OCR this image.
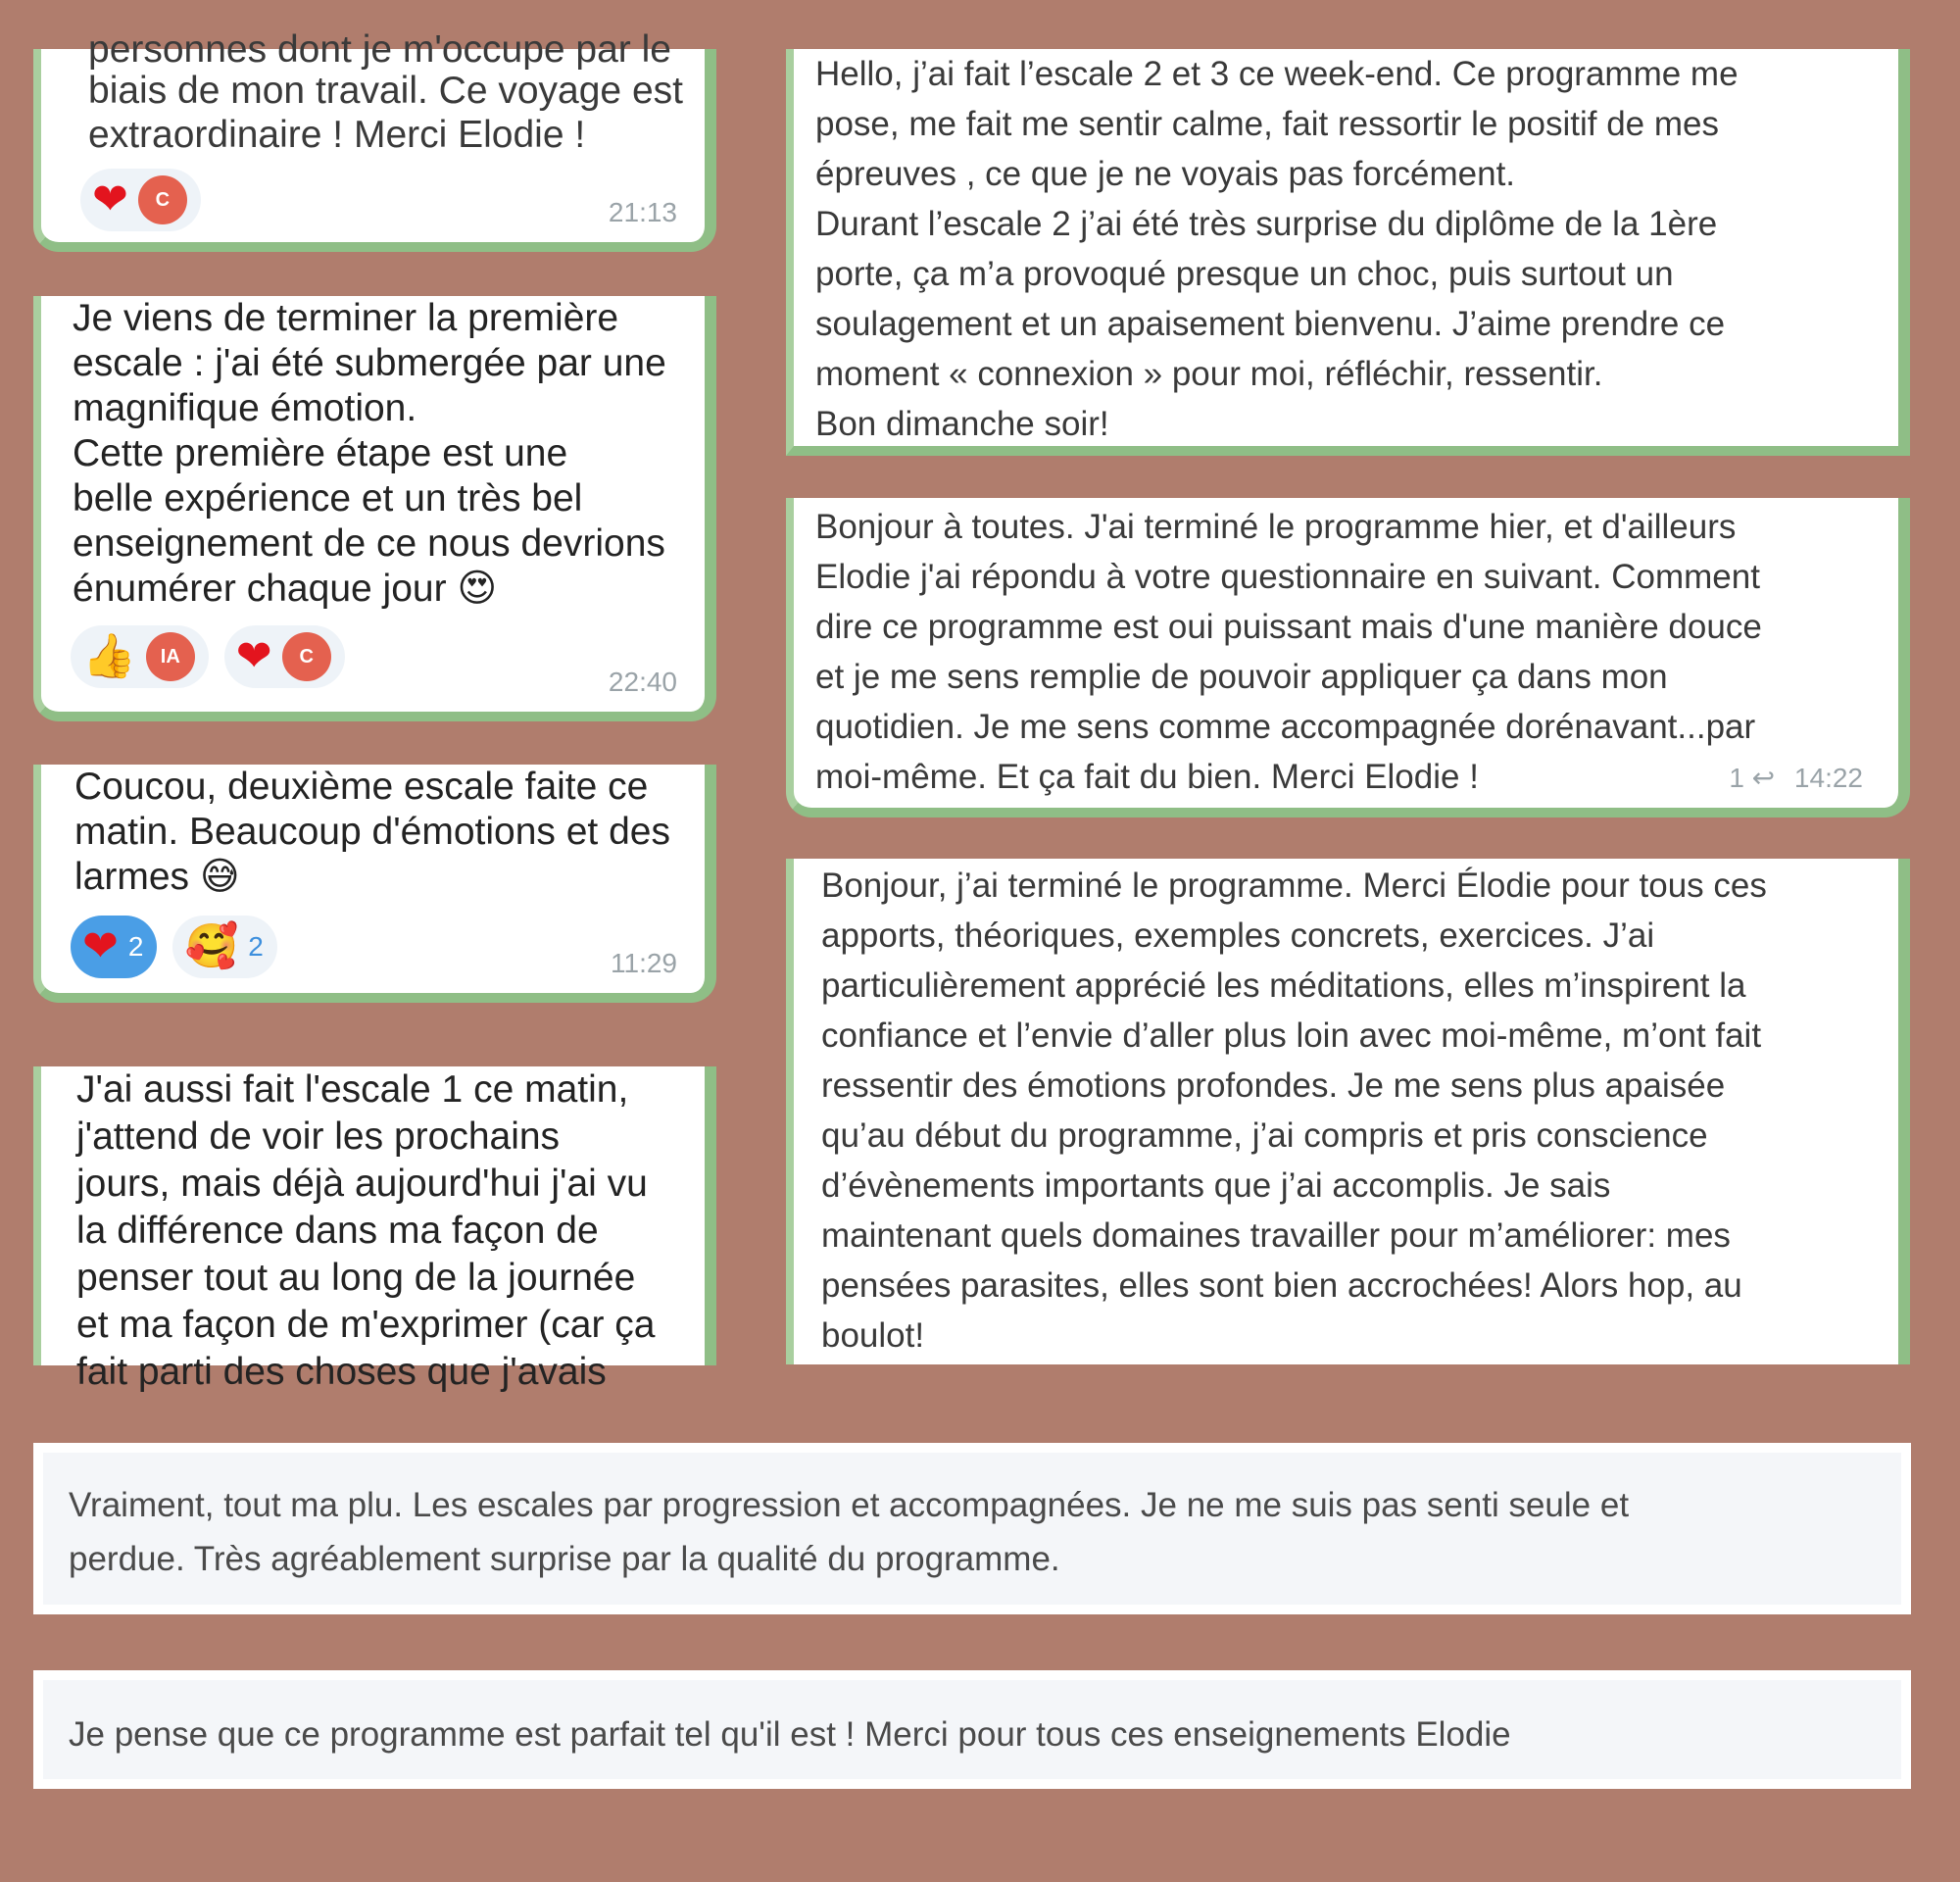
personnes dont je m'occupe par le

biais de mon travail. Ce voyage est
extraordinaire ! Merci Elodie !

❤	C	21:13

Je viens de terminer la première
escale : j'ai été submergée par une
magnifique émotion.
Cette première étape est une
belle expérience et un très bel
enseignement de ce nous devrions
énumérer chaque jour 😍

👍	IA	❤	C
22:40

Coucou, deuxième escale faite ce
matin. Beaucoup d'émotions et des
larmes 😅

❤ 2 🥰 2
11:29

J'ai aussi fait l'escale 1 ce matin,
j'attend de voir les prochains
jours, mais déjà aujourd'hui j'ai vu
la différence dans ma façon de
penser tout au long de la journée
et ma façon de m'exprimer (car ça
fait parti des choses que j'avais

Hello, j’ai fait l’escale 2 et 3 ce week-end. Ce programme me
pose, me fait me sentir calme, fait ressortir le positif de mes
épreuves , ce que je ne voyais pas forcément.
Durant l’escale 2 j’ai été très surprise du diplôme de la 1ère
porte, ça m’a provoqué presque un choc, puis surtout un
soulagement et un apaisement bienvenu. J’aime prendre ce
moment « connexion » pour moi, réfléchir, ressentir.
Bon dimanche soir!

Bonjour à toutes. J'ai terminé le programme hier, et d'ailleurs
Elodie j'ai répondu à votre questionnaire en suivant. Comment
dire ce programme est oui puissant mais d'une manière douce
et je me sens remplie de pouvoir appliquer ça dans mon
quotidien. Je me sens comme accompagnée dorénavant...par
moi-même. Et ça fait du bien. Merci Elodie !	1 ↩ 14:22

Bonjour, j’ai terminé le programme. Merci Élodie pour tous ces
apports, théoriques, exemples concrets, exercices. J’ai
particulièrement apprécié les méditations, elles m’inspirent la
confiance et l’envie d’aller plus loin avec moi-même, m’ont fait
ressentir des émotions profondes. Je me sens plus apaisée
qu’au début du programme, j’ai compris et pris conscience
d’évènements importants que j’ai accomplis. Je sais
maintenant quels domaines travailler pour m’améliorer: mes
pensées parasites, elles sont bien accrochées! Alors hop, au
boulot!

Vraiment, tout ma plu. Les escales par progression et accompagnées. Je ne me suis pas senti seule et
perdue. Très agréablement surprise par la qualité du programme.

Je pense que ce programme est parfait tel qu'il est ! Merci pour tous ces enseignements Elodie
